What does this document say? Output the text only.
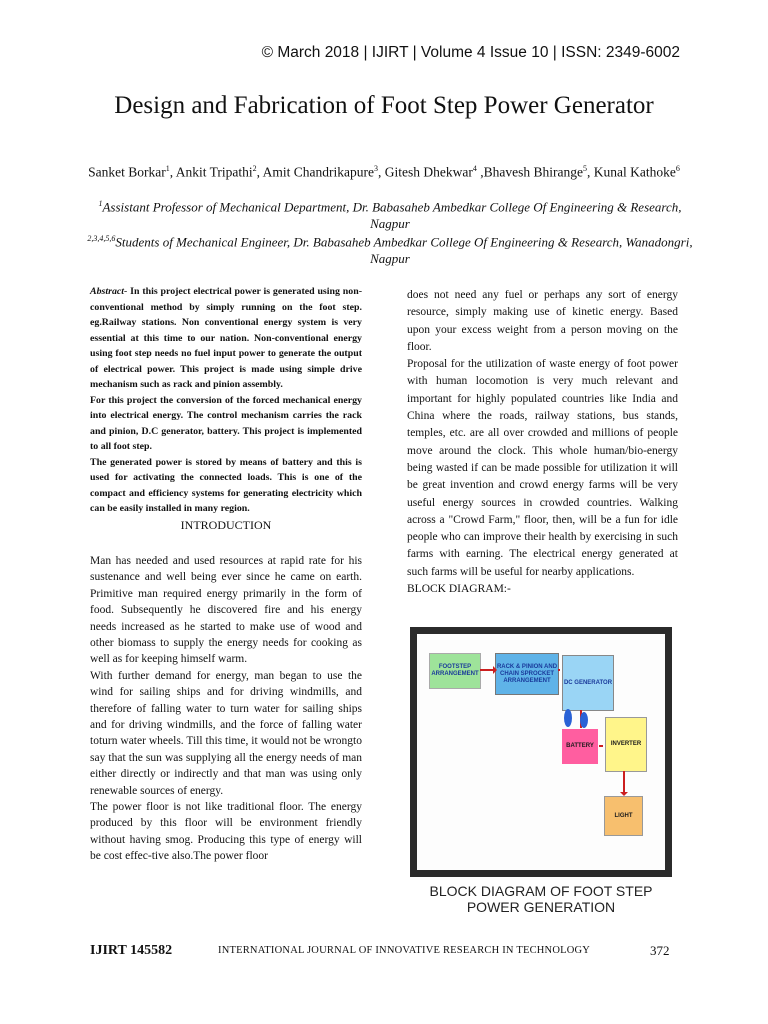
© March 2018 | IJIRT | Volume 4 Issue 10 | ISSN: 2349-6002
Design and Fabrication of Foot Step Power Generator
Sanket Borkar$^1$, Ankit Tripathi$^2$, Amit Chandrikapure$^3$, Gitesh Dhekwar$^4$ ,Bhavesh Bhirange$^5$, Kunal Kathoke$^6$
$^1$Assistant Professor of Mechanical Department, Dr. Babasaheb Ambedkar College Of Engineering & Research, Nagpur
$^{2,3,4,5,6}$Students of Mechanical Engineer, Dr. Babasaheb Ambedkar College Of Engineering & Research, Wanadongri, Nagpur

Abstract- In this project electrical power is generated using non-conventional method by simply running on the foot step. eg.Railway stations. Non conventional energy system is very essential at this time to our nation. Non-conventional energy using foot step needs no fuel input power to generate the output of electrical power. This project is made using simple drive mechanism such as rack and pinion assembly.

For this project the conversion of the forced mechanical energy into electrical energy. The control mechanism carries the rack and pinion, D.C generator, battery. This project is implemented to all foot step.

The generated power is stored by means of battery and this is used for activating the connected loads. This is one of the compact and efficiency systems for generating electricity which can be easily installed in many region.

INTRODUCTION

Man has needed and used resources at rapid rate for his sustenance and well being ever since he came on earth. Primitive man required energy primarily in the form of food. Subsequently he discovered fire and his energy needs increased as he started to make use of wood and other biomass to supply the energy needs for cooking as well as for keeping himself warm.

With further demand for energy, man began to use the wind for sailing ships and for driving windmills, and therefore of falling water to turn water for sailing ships and for driving windmills, and the force of falling water toturn water wheels. Till this time, it would not be wrongto say that the sun was supplying all the energy needs of man either directly or indirectly and that man was using only renewable sources of energy.

The power floor is not like traditional floor. The energy produced by this floor will be environment friendly without having smog. Producing this type of energy will be cost effec-tive also.The power floor

does not need any fuel or perhaps any sort of energy resource, simply making use of kinetic energy. Based upon your excess weight from a person moving on the floor.

Proposal for the utilization of waste energy of foot power with human locomotion is very much relevant and important for highly populated countries like India and China where the roads, railway stations, bus stands, temples, etc. are all over crowded and millions of people move around the clock. This whole human/bio-energy being wasted if can be made possible for utilization it will be great invention and crowd energy farms will be very useful energy sources in crowded countries. Walking across a "Crowd Farm," floor, then, will be a fun for idle people who can improve their health by exercising in such farms with earning. The electrical energy generated at such farms will be useful for nearby applications.

BLOCK DIAGRAM:-

FOOTSTEP ARRANGEMENT
RACK & PINION AND CHAIN SPROCKET ARRANGEMENT	DC GENERATOR
BATTERY	INVERTER
LIGHT
BLOCK DIAGRAM OF FOOT STEP
POWER GENERATION
IJIRT 145582	INTERNATIONAL JOURNAL OF INNOVATIVE RESEARCH IN TECHNOLOGY	372
